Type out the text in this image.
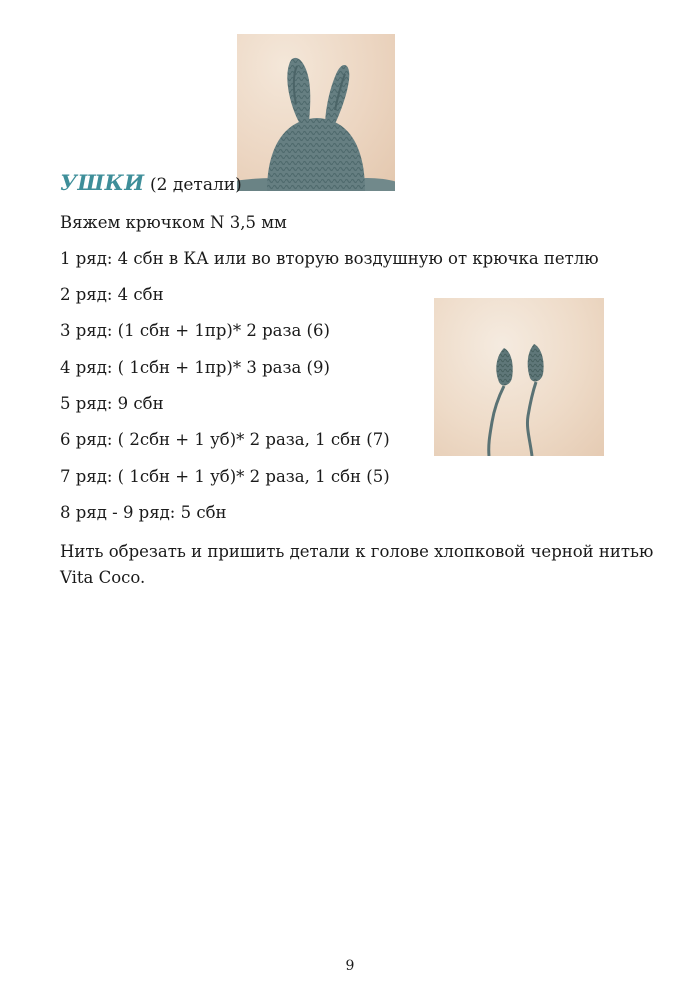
УШКИ (2 детали)
Вяжем крючком N 3,5 мм
1 ряд: 4 сбн в КА или во вторую воздушную от крючка петлю
2 ряд: 4 сбн
3 ряд: (1 сбн + 1пр)* 2 раза (6)
4 ряд: ( 1сбн + 1пр)* 3 раза (9)
5 ряд: 9 сбн
6 ряд: ( 2сбн + 1 уб)* 2 раза, 1 сбн (7)
7 ряд: ( 1сбн + 1 уб)* 2 раза, 1 сбн (5)
8 ряд - 9 ряд: 5 сбн
Нить обрезать и пришить детали к голове хлопковой черной нитью Vita Coco.
9
